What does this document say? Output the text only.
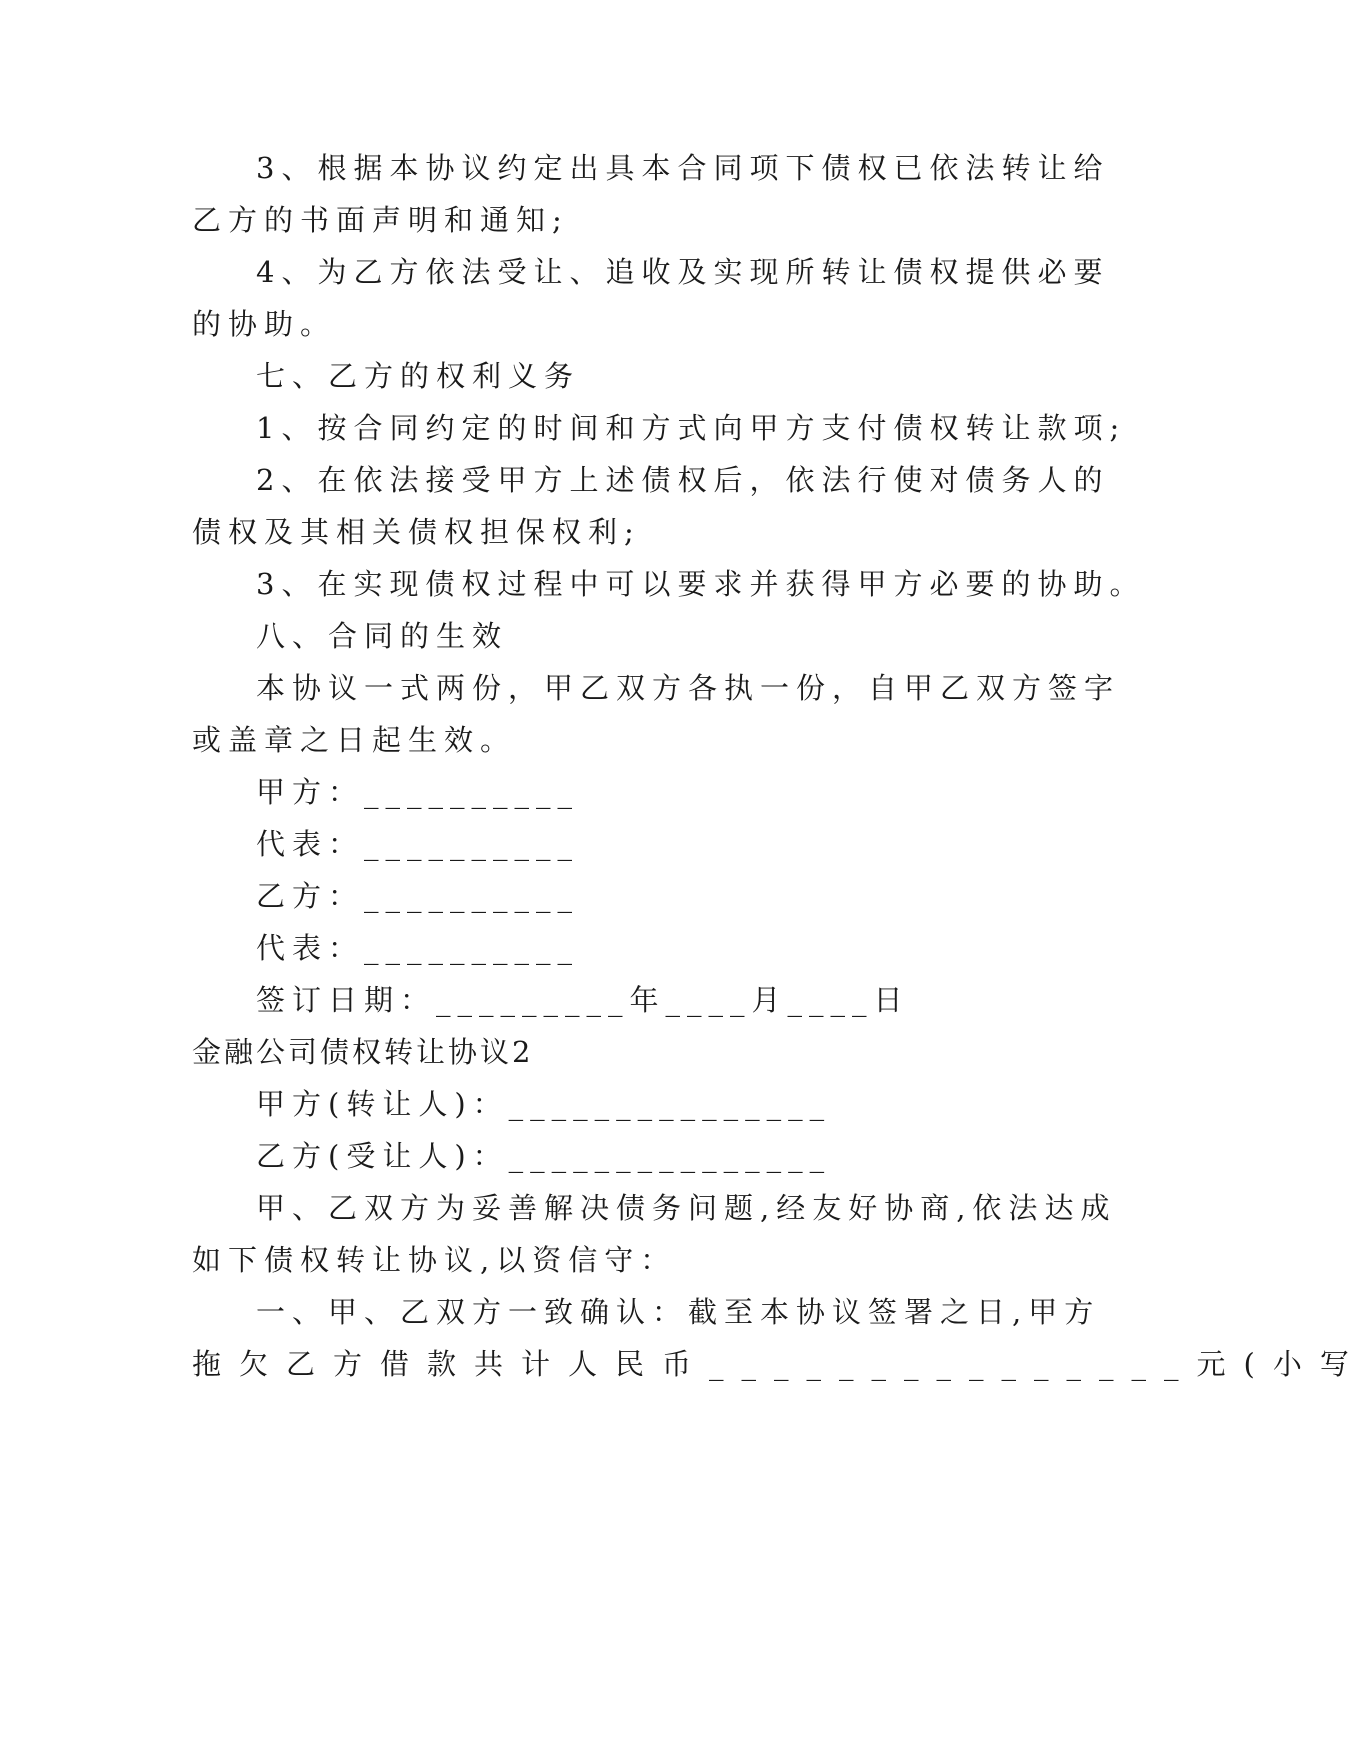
3、根据本协议约定出具本合同项下债权已依法转让给
乙方的书面声明和通知;
4、为乙方依法受让、追收及实现所转让债权提供必要
的协助。
七、乙方的权利义务
1、按合同约定的时间和方式向甲方支付债权转让款项;
2、在依法接受甲方上述债权后，依法行使对债务人的
债权及其相关债权担保权利;
3、在实现债权过程中可以要求并获得甲方必要的协助。
八、合同的生效
本协议一式两份，甲乙双方各执一份，自甲乙双方签字
或盖章之日起生效。
甲方：__________
代表：__________
乙方：__________
代表：__________
签订日期：_________年____月____日
金融公司债权转让协议2
甲方(转让人)：_______________
乙方(受让人)：_______________
甲、乙双方为妥善解决债务问题,经友好协商,依法达成
如下债权转让协议,以资信守：
一、甲、乙双方一致确认：截至本协议签署之日,甲方
拖欠乙方借款共计人民币_______________元(小写
